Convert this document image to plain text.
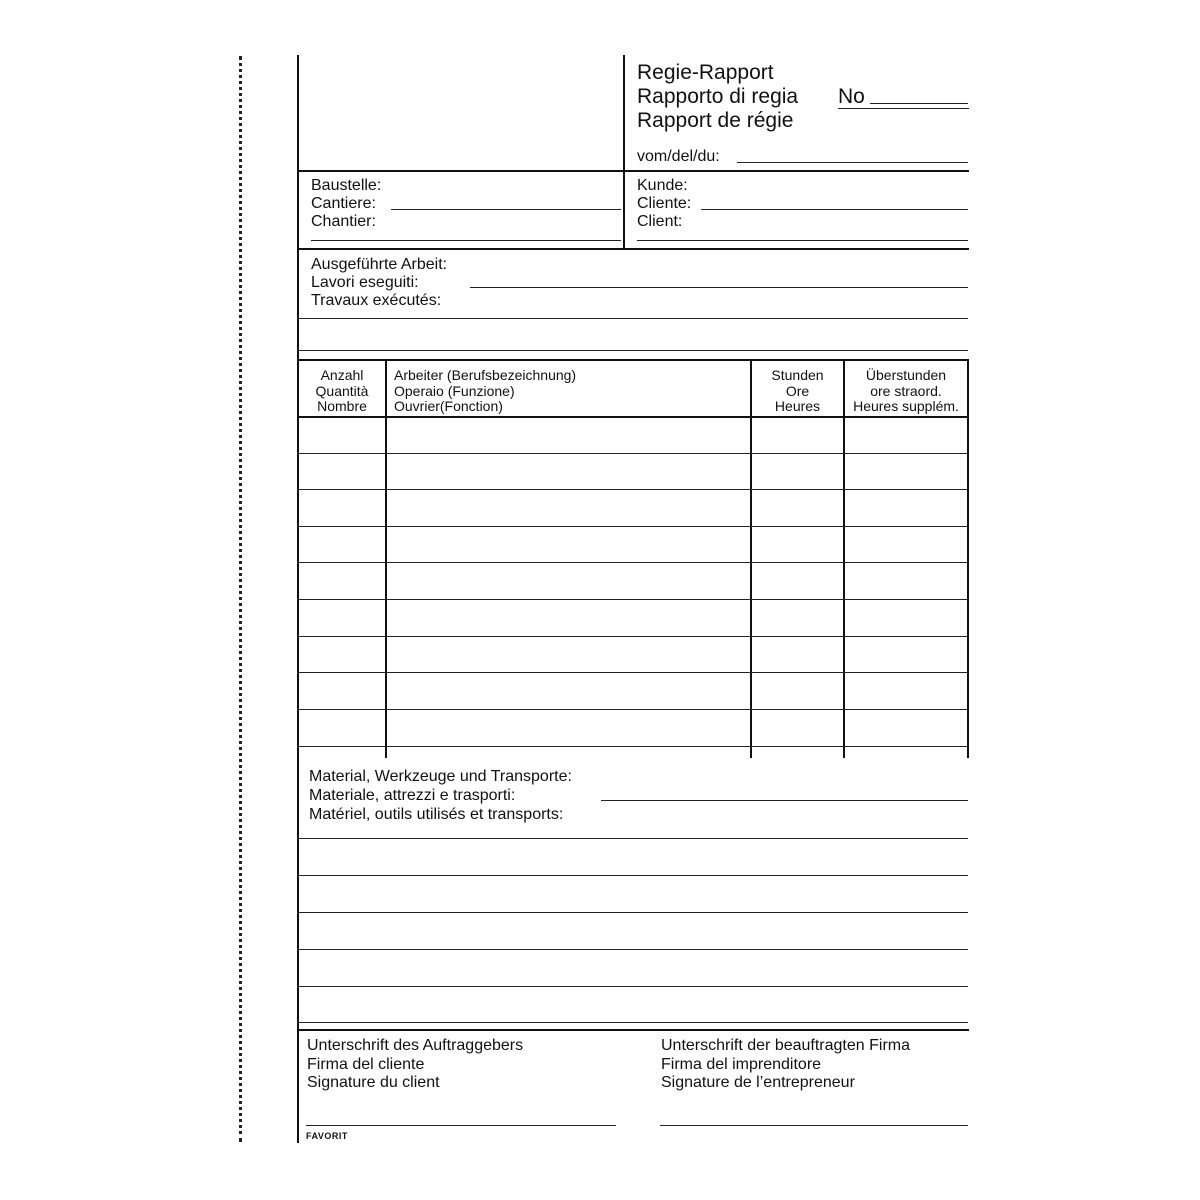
Regie-Rapport
Rapporto di regia
Rapport de régie
No
vom/del/du:
Baustelle:
Cantiere:
Chantier:
Kunde:
Cliente:
Client:
Ausgeführte Arbeit:
Lavori eseguiti:
Travaux exécutés:
Anzahl
Quantità
Nombre
Arbeiter (Berufsbezeichnung)
Operaio (Funzione)
Ouvrier(Fonction)
Stunden
Ore
Heures
Überstunden
ore straord.
Heures supplém.
Material, Werkzeuge und Transporte:
Materiale, attrezzi e trasporti:
Matériel, outils utilisés et transports:
Unterschrift des Auftraggebers
Firma del cliente
Signature du client
Unterschrift der beauftragten Firma
Firma del imprenditore
Signature de l’entrepreneur
FAVORIT
